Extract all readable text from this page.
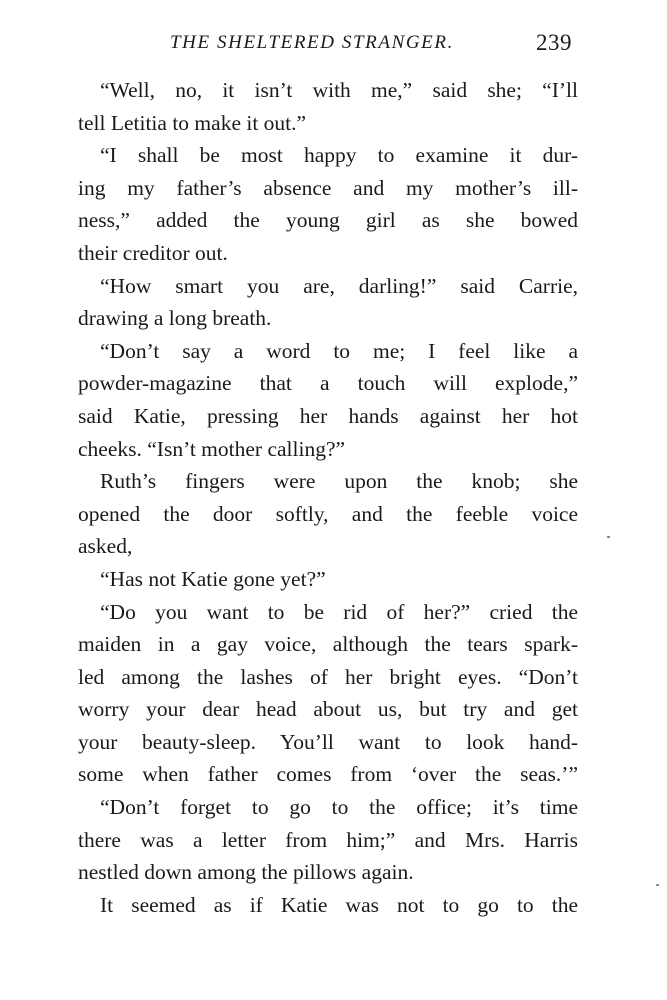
THE SHELTERED STRANGER.	239
“Well, no, it isn’t with me,” said she; “I’ll
tell Letitia to make it out.”
“I shall be most happy to examine it dur-
ing my father’s absence and my mother’s ill-
ness,” added the young girl as she bowed
their creditor out.
“How smart you are, darling!” said Carrie,
drawing a long breath.
“Don’t say a word to me; I feel like a
powder-magazine that a touch will explode,”
said Katie, pressing her hands against her hot
cheeks. “Isn’t mother calling?”
Ruth’s fingers were upon the knob; she
opened the door softly, and the feeble voice
asked,
“Has not Katie gone yet?”
“Do you want to be rid of her?” cried the
maiden in a gay voice, although the tears spark-
led among the lashes of her bright eyes. “Don’t
worry your dear head about us, but try and get
your beauty-sleep. You’ll want to look hand-
some when father comes from ‘over the seas.’”
“Don’t forget to go to the office; it’s time
there was a letter from him;” and Mrs. Harris
nestled down among the pillows again.
It seemed as if Katie was not to go to the
